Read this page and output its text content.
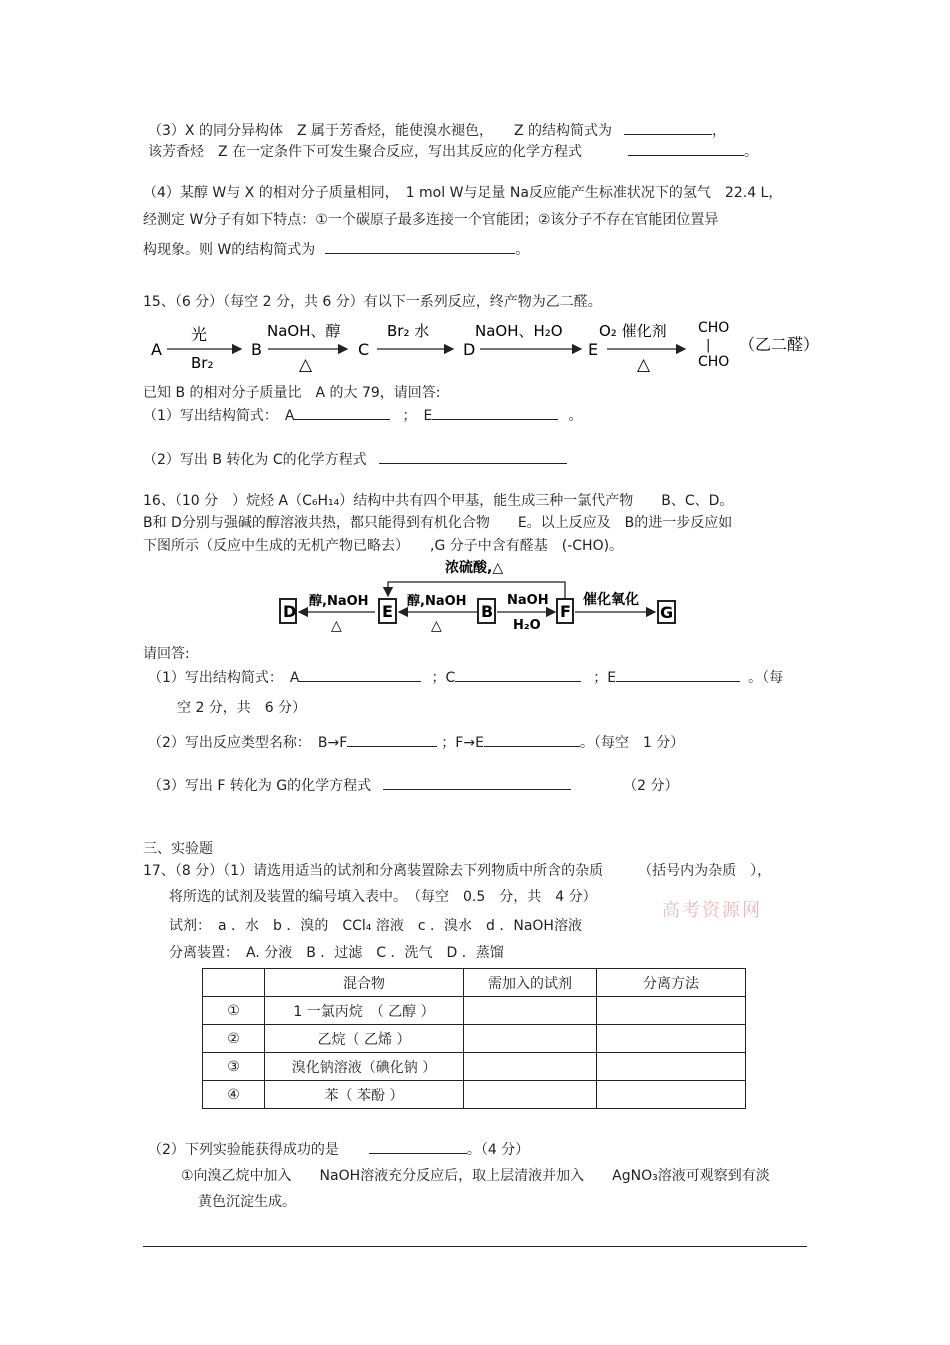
（3）X 的同分异构体　Z 属于芳香烃，能使溴水褪色，　　Z 的结构简式为	，
该芳香烃　Z 在一定条件下可发生聚合反应，写出其反应的化学方程式	。
（4）某醇 W与 X 的相对分子质量相同，　1 mol W与足量 Na反应能产生标准状况下的氢气　22.4 L，
经测定 W分子有如下特点：①一个碳原子最多连接一个官能团；②该分子不存在官能团位置异
构现象。则 W的结构简式为	。
15、（6 分）（每空 2 分，共 6 分）有以下一系列反应，终产物为乙二醛。
A
光
Br₂
B
NaOH、醇
△
C
Br₂ 水
D
NaOH、H₂O
E
O₂ 催化剂
△
CHO
|
CHO
（乙二醛）
已知 B 的相对分子质量比　A 的大 79，请回答:
（1）写出结构简式：　A	；　E	。
（2）写出 B 转化为 C的化学方程式
16、（10 分　）烷烃 A（C₆H₁₄）结构中共有四个甲基，能生成三种一氯代产物　　B、C、D。
B和 D分别与强碱的醇溶液共热，都只能得到有机化合物　　E。以上反应及　B的进一步反应如
下图所示（反应中生成的无机产物已略去）　　,G 分子中含有醛基　(-CHO)。
浓硫酸,△
D
醇,NaOH
△
E
醇,NaOH
△
B
NaOH
H₂O
F
催化氧化
G
请回答:
（1）写出结构简式：　A	；C	；E	。（每
空 2 分，共　6 分）
（2）写出反应类型名称：　B→F	；F→E	。（每空　1 分）
（3）写出 F 转化为 G的化学方程式	（2 分）
三、实验题
17、（8 分）（1）请选用适当的试剂和分离装置除去下列物质中所含的杂质　　　（括号内为杂质　），
将所选的试剂及装置的编号填入表中。　（每空　0.5　分，共　4 分）
试剂：　a ．水　b ．溴的　CCl₄ 溶液　c ．溴水　d ．NaOH溶液
分离装置：　A. 分液　B ．过滤　C ．洗气　D ．蒸馏
高考资源网
	混合物	需加入的试剂	分离方法
①	1 一氯丙烷　（ 乙醇 ）		
②	乙烷（ 乙烯 ）		
③	溴化钠溶液（碘化钠 ）		
④	苯（ 苯酚 ）		
（2）下列实验能获得成功的是	。（4 分）
①向溴乙烷中加入　　NaOH溶液充分反应后，取上层清液并加入　　AgNO₃溶液可观察到有淡
黄色沉淀生成。
